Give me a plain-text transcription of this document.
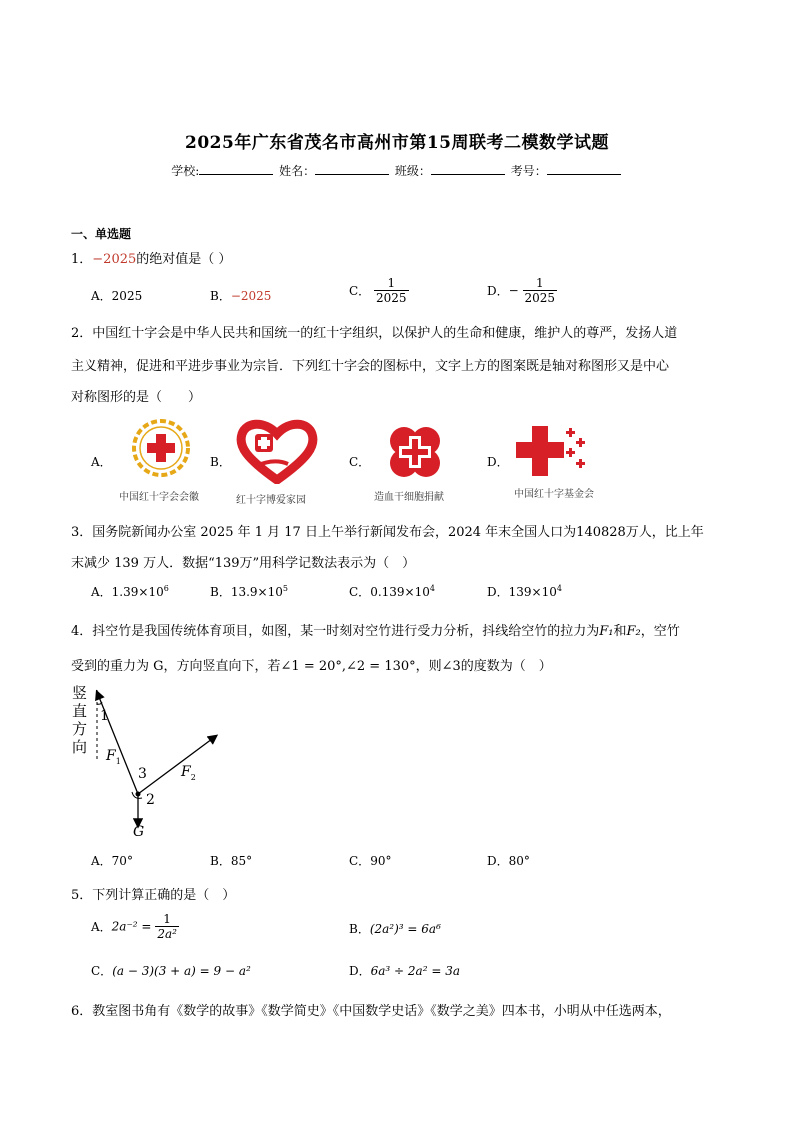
2025年广东省茂名市高州市第15周联考二模数学试题
学校:	姓名：	班级：	考号：
一、单选题
1．−2025的绝对值是（ ）
A．2025	B．−2025	C． $\frac{1}{2025}$	D．− $\frac{1}{2025}$
2．中国红十字会是中华人民共和国统一的红十字组织，以保护人的生命和健康，维护人的尊严，发扬人道
主义精神，促进和平进步事业为宗旨．下列红十字会的图标中，文字上方的图案既是轴对称图形又是中心
对称图形的是（　　）
A．
中国红十字会会徽
B．
红十字博爱家园
C．
造血干细胞捐献
D．
中国红十字基金会
3．国务院新闻办公室 2025 年 1 月 17 日上午举行新闻发布会，2024 年末全国人口为140828万人，比上年
末减少 139 万人．数据“139万”用科学记数法表示为（　）
A．$1.39\times 10^6$	B．$13.9\times 10^5$	C．$0.139\times 10^4$	D．$139\times 10^4$
4．抖空竹是我国传统体育项目，如图，某一时刻对空竹进行受力分析，抖线给空竹的拉力为F₁和F₂，空竹
受到的重力为 G，方向竖直向下，若∠1 = 20°,∠2 = 130°，则∠3的度数为（　）
竖
直
方
向
1
$F_1$
3 $F_2$
2
G
A．70°	B．85°	C．90°	D．80°
5．下列计算正确的是（　）
A．$2a^{-2} = \frac{1}{\text{2a²}}$	B．(2a²)³ = 6a⁶
C．(a − 3)(3 + a) = 9 − a²	D．6a³ ÷ 2a² = 3a
6．教室图书角有《数学的故事》《数学简史》《中国数学史话》《数学之美》四本书，小明从中任选两本，
